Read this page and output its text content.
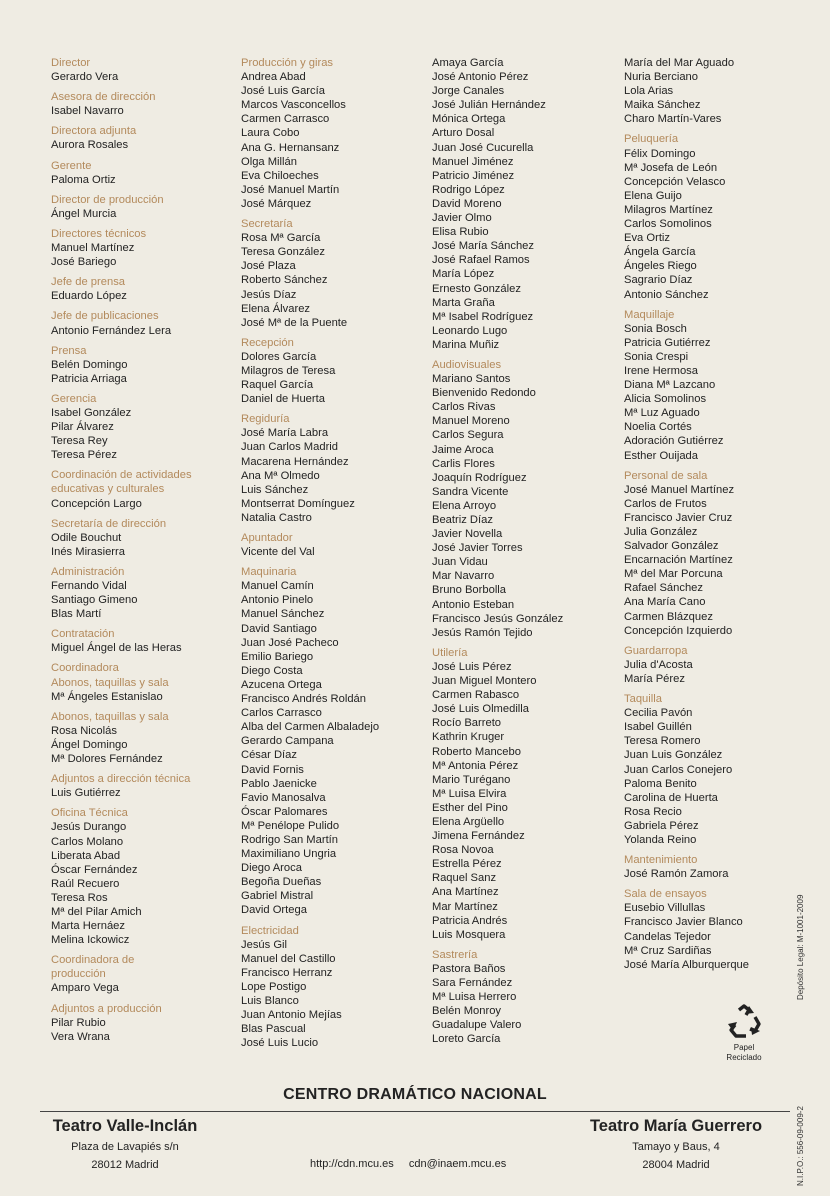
Director
Gerardo Vera
Asesora de dirección
Isabel Navarro
Directora adjunta
Aurora Rosales
Gerente
Paloma Ortiz
Director de producción
Ángel Murcia
Directores técnicos
Manuel Martínez
José Bariego
Jefe de prensa
Eduardo López
Jefe de publicaciones
Antonio Fernández Lera
Prensa
Belén Domingo
Patricia Arriaga
Gerencia
Isabel González
Pilar Álvarez
Teresa Rey
Teresa Pérez
Coordinación de actividades
educativas y culturales
Concepción Largo
Secretaría de dirección
Odile Bouchut
Inés Mirasierra
Administración
Fernando Vidal
Santiago Gimeno
Blas Martí
Contratación
Miguel Ángel de las Heras
Coordinadora
Abonos, taquillas y sala
Mª Ángeles Estanislao
Abonos, taquillas y sala
Rosa Nicolás
Ángel Domingo
Mª Dolores Fernández
Adjuntos a dirección técnica
Luis Gutiérrez
Oficina Técnica
Jesús Durango
Carlos Molano
Liberata Abad
Óscar Fernández
Raúl Recuero
Teresa Ros
Mª del Pilar Amich
Marta Hernáez
Melina Ickowicz
Coordinadora de
producción
Amparo Vega
Adjuntos a producción
Pilar Rubio
Vera Wrana
Producción y giras
Andrea Abad
José Luis García
Marcos Vasconcellos
Carmen Carrasco
Laura Cobo
Ana G. Hernansanz
Olga Millán
Eva Chiloeches
José Manuel Martín
José Márquez
Secretaría
Rosa Mª García
Teresa González
José Plaza
Roberto Sánchez
Jesús Díaz
Elena Álvarez
José Mª de la Puente
Recepción
Dolores García
Milagros de Teresa
Raquel García
Daniel de Huerta
Regiduría
José María Labra
Juan Carlos Madrid
Macarena Hernández
Ana Mª Olmedo
Luis Sánchez
Montserrat Domínguez
Natalia Castro
Apuntador
Vicente del Val
Maquinaria
Manuel Camín
Antonio Pinelo
Manuel Sánchez
David Santiago
Juan José Pacheco
Emilio Bariego
Diego Costa
Azucena Ortega
Francisco Andrés Roldán
Carlos Carrasco
Alba del Carmen Albaladejo
Gerardo Campana
César Díaz
David Fornis
Pablo Jaenicke
Favio Manosalva
Óscar Palomares
Mª Penélope Pulido
Rodrigo San Martín
Maximiliano Ungria
Diego Aroca
Begoña Dueñas
Gabriel Mistral
David Ortega
Electricidad
Jesús Gil
Manuel del Castillo
Francisco Herranz
Lope Postigo
Luis Blanco
Juan Antonio Mejías
Blas Pascual
José Luis Lucio
Amaya García
José Antonio Pérez
Jorge Canales
José Julián Hernández
Mónica Ortega
Arturo Dosal
Juan José Cucurella
Manuel Jiménez
Patricio Jiménez
Rodrigo López
David Moreno
Javier Olmo
Elisa Rubio
José María Sánchez
José Rafael Ramos
María López
Ernesto González
Marta Graña
Mª Isabel Rodríguez
Leonardo Lugo
Marina Muñiz
Audiovisuales
Mariano Santos
Bienvenido Redondo
Carlos Rivas
Manuel Moreno
Carlos Segura
Jaime Aroca
Carlis Flores
Joaquín Rodríguez
Sandra Vicente
Elena Arroyo
Beatriz Díaz
Javier Novella
José Javier Torres
Juan Vidau
Mar Navarro
Bruno Borbolla
Antonio Esteban
Francisco Jesús González
Jesús Ramón Tejido
Utilería
José Luis Pérez
Juan Miguel Montero
Carmen Rabasco
José Luis Olmedilla
Rocío Barreto
Kathrin Kruger
Roberto Mancebo
Mª Antonia Pérez
Mario Turégano
Mª Luisa Elvira
Esther del Pino
Elena Argüello
Jimena Fernández
Rosa Novoa
Estrella Pérez
Raquel Sanz
Ana Martínez
Mar Martínez
Patricia Andrés
Luis Mosquera
Sastrería
Pastora Baños
Sara Fernández
Mª Luisa Herrero
Belén Monroy
Guadalupe Valero
Loreto García
María del Mar Aguado
Nuria Berciano
Lola Arias
Maika Sánchez
Charo Martín-Vares
Peluquería
Félix Domingo
Mª Josefa de León
Concepción Velasco
Elena Guijo
Milagros Martínez
Carlos Somolinos
Eva Ortiz
Ángela García
Ángeles Riego
Sagrario Díaz
Antonio Sánchez
Maquillaje
Sonia Bosch
Patricia Gutiérrez
Sonia Crespi
Irene Hermosa
Diana Mª Lazcano
Alicia Somolinos
Mª Luz Aguado
Noelia Cortés
Adoración Gutiérrez
Esther Ouijada
Personal de sala
José Manuel Martínez
Carlos de Frutos
Francisco Javier Cruz
Julia González
Salvador González
Encarnación Martínez
Mª del Mar Porcuna
Rafael Sánchez
Ana María Cano
Carmen Blázquez
Concepción Izquierdo
Guardarropa
Julia d'Acosta
María Pérez
Taquilla
Cecilia Pavón
Isabel Guillén
Teresa Romero
Juan Luis González
Juan Carlos Conejero
Paloma Benito
Carolina de Huerta
Rosa Recio
Gabriela Pérez
Yolanda Reino
Mantenimiento
José Ramón Zamora
Sala de ensayos
Eusebio Villullas
Francisco Javier Blanco
Candelas Tejedor
Mª Cruz Sardiñas
José María Alburquerque
Papel
Reciclado
Depósito Legal: M-1001-2009
N.I.P.O.: 556-09-009-2
CENTRO DRAMÁTICO NACIONAL
Teatro Valle-Inclán
Plaza de Lavapiés s/n
28012 Madrid
Teatro María Guerrero
Tamayo y Baus, 4
28004 Madrid
http://cdn.mcu.es cdn@inaem.mcu.es
